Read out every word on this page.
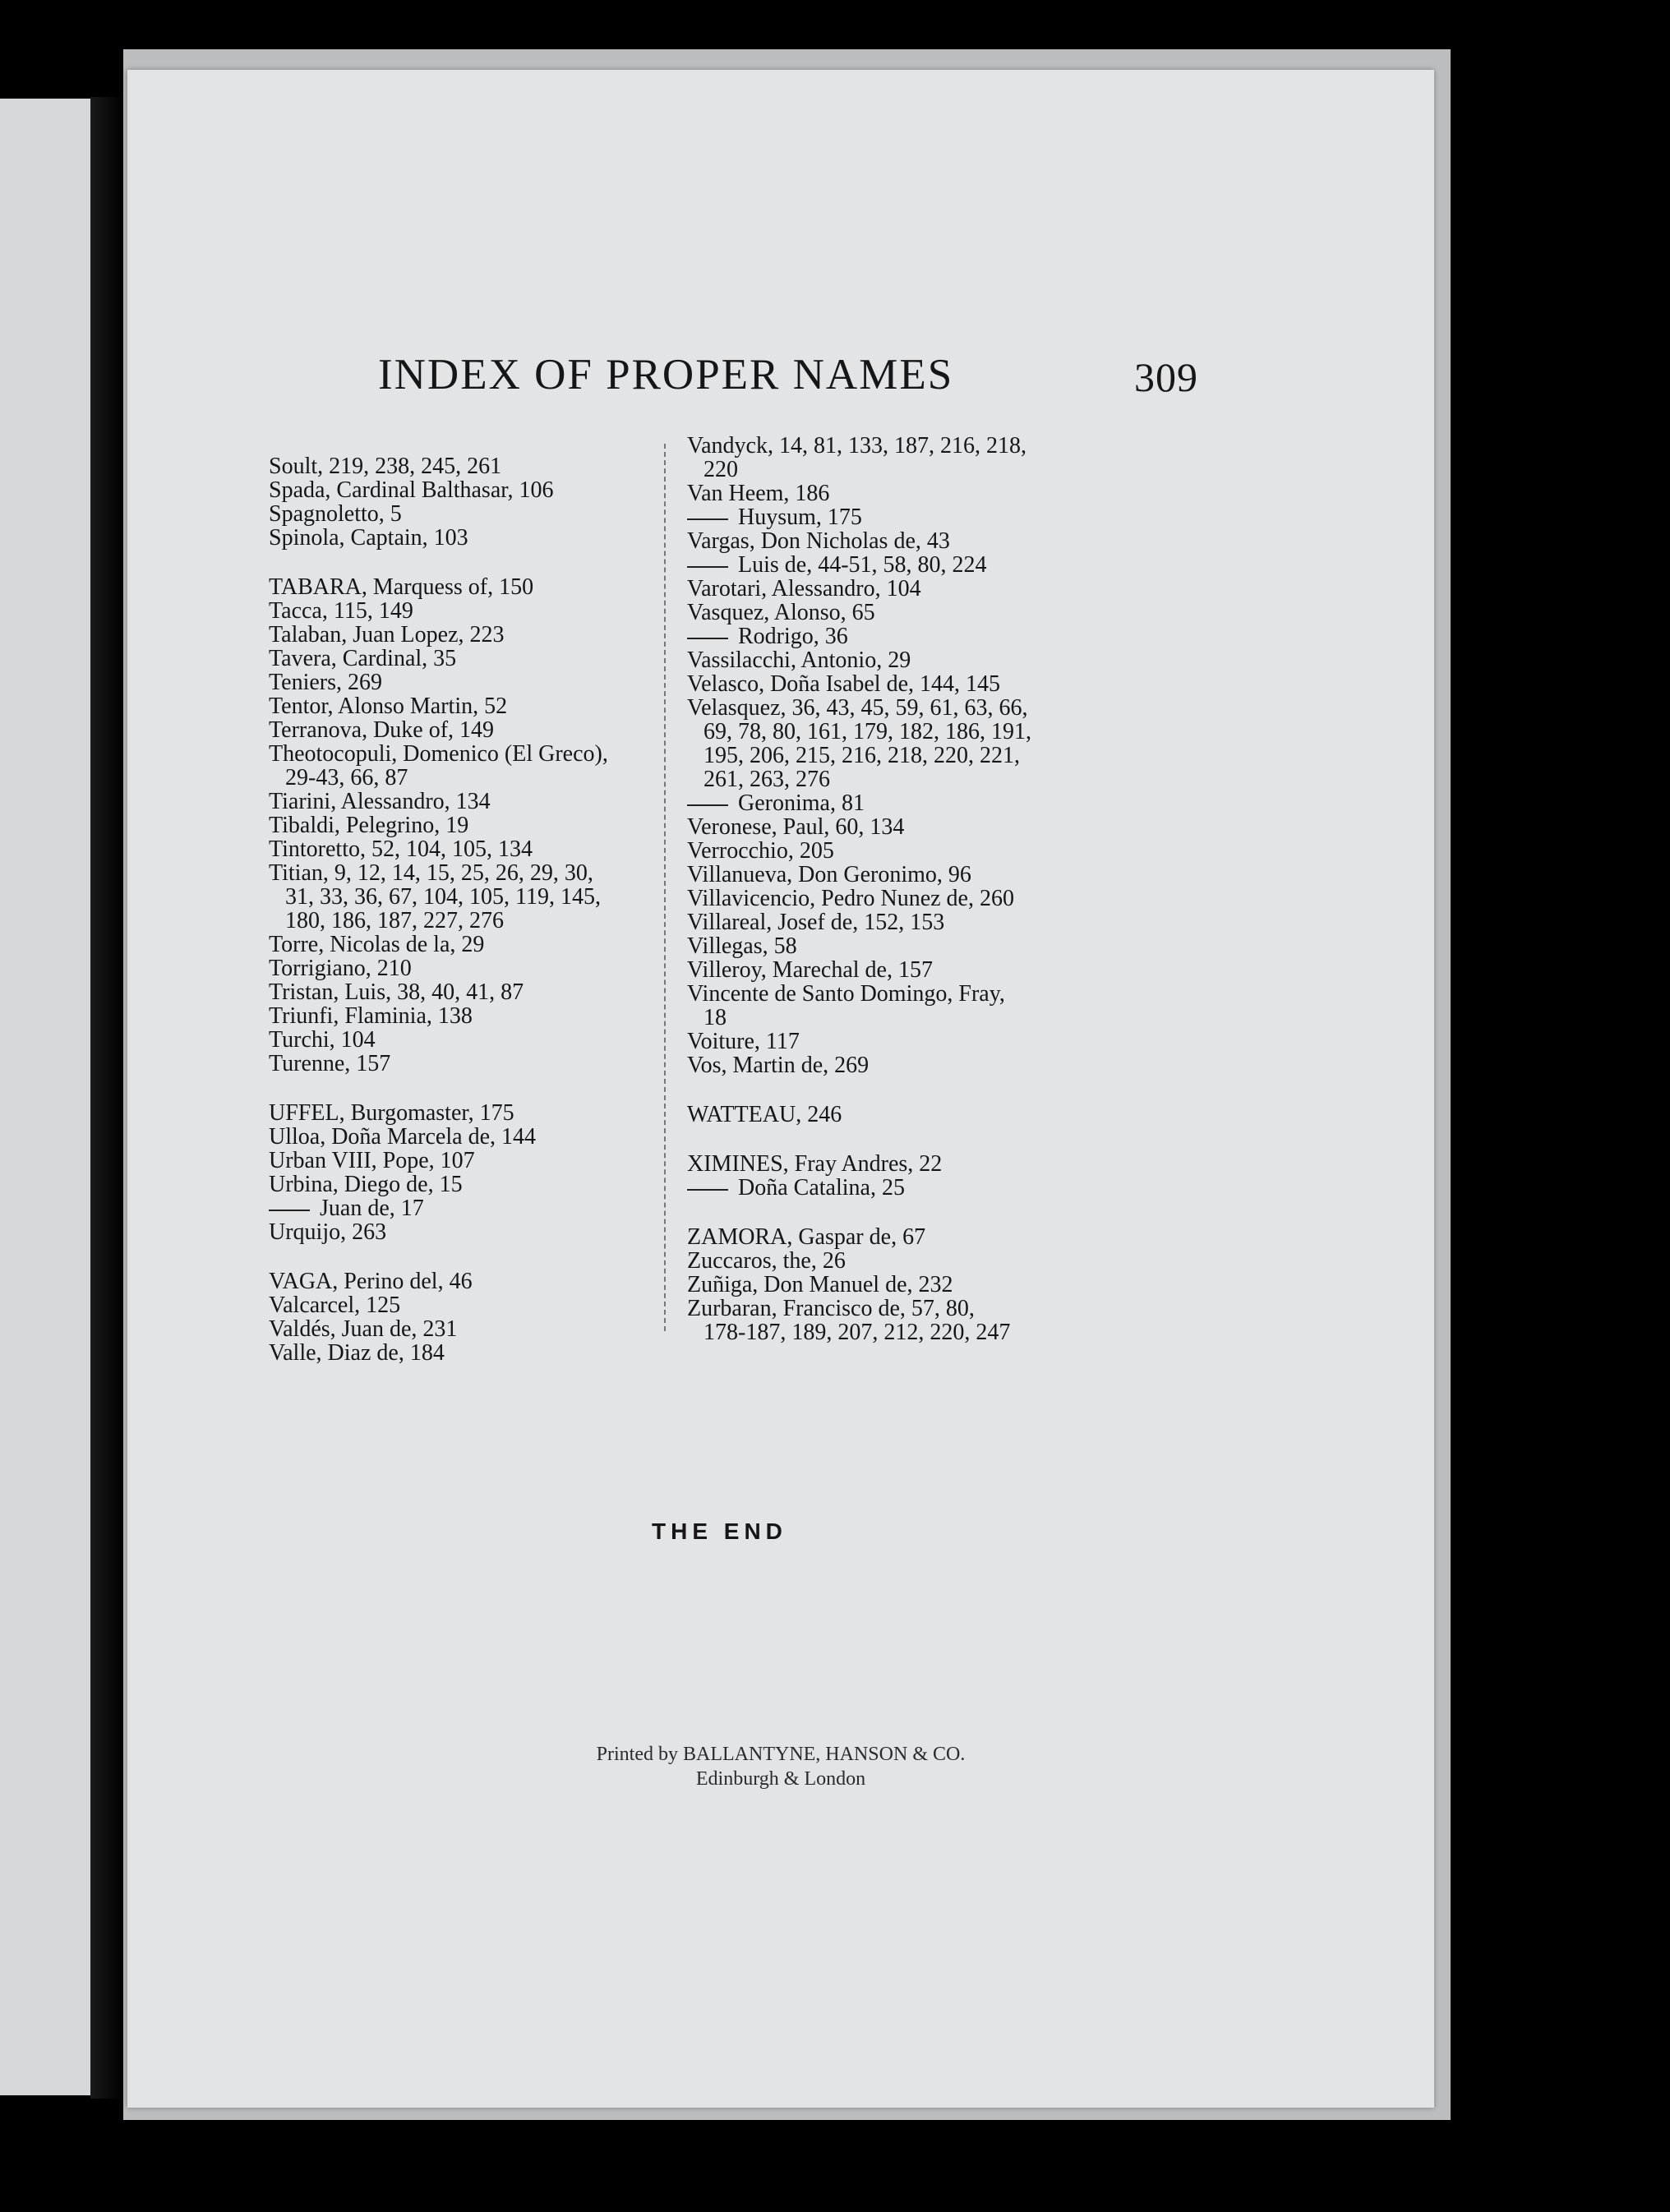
INDEX OF PROPER NAMES	309
Soult, 219, 238, 245, 261
Spada, Cardinal Balthasar, 106
Spagnoletto, 5
Spinola, Captain, 103
TABARA, Marquess of, 150
Tacca, 115, 149
Talaban, Juan Lopez, 223
Tavera, Cardinal, 35
Teniers, 269
Tentor, Alonso Martin, 52
Terranova, Duke of, 149
Theotocopuli, Domenico (El Greco),
29-43, 66, 87
Tiarini, Alessandro, 134
Tibaldi, Pelegrino, 19
Tintoretto, 52, 104, 105, 134
Titian, 9, 12, 14, 15, 25, 26, 29, 30,
31, 33, 36, 67, 104, 105, 119, 145,
180, 186, 187, 227, 276
Torre, Nicolas de la, 29
Torrigiano, 210
Tristan, Luis, 38, 40, 41, 87
Triunfi, Flaminia, 138
Turchi, 104
Turenne, 157
UFFEL, Burgomaster, 175
Ulloa, Doña Marcela de, 144
Urban VIII, Pope, 107
Urbina, Diego de, 15
Juan de, 17
Urquijo, 263
VAGA, Perino del, 46
Valcarcel, 125
Valdés, Juan de, 231
Valle, Diaz de, 184
Vandyck, 14, 81, 133, 187, 216, 218,
220
Van Heem, 186
Huysum, 175
Vargas, Don Nicholas de, 43
Luis de, 44-51, 58, 80, 224
Varotari, Alessandro, 104
Vasquez, Alonso, 65
Rodrigo, 36
Vassilacchi, Antonio, 29
Velasco, Doña Isabel de, 144, 145
Velasquez, 36, 43, 45, 59, 61, 63, 66,
69, 78, 80, 161, 179, 182, 186, 191,
195, 206, 215, 216, 218, 220, 221,
261, 263, 276
Geronima, 81
Veronese, Paul, 60, 134
Verrocchio, 205
Villanueva, Don Geronimo, 96
Villavicencio, Pedro Nunez de, 260
Villareal, Josef de, 152, 153
Villegas, 58
Villeroy, Marechal de, 157
Vincente de Santo Domingo, Fray,
18
Voiture, 117
Vos, Martin de, 269
WATTEAU, 246
XIMINES, Fray Andres, 22
Doña Catalina, 25
ZAMORA, Gaspar de, 67
Zuccaros, the, 26
Zuñiga, Don Manuel de, 232
Zurbaran, Francisco de, 57, 80,
178-187, 189, 207, 212, 220, 247
THE END
Printed by BALLANTYNE, HANSON & CO.
Edinburgh & London
